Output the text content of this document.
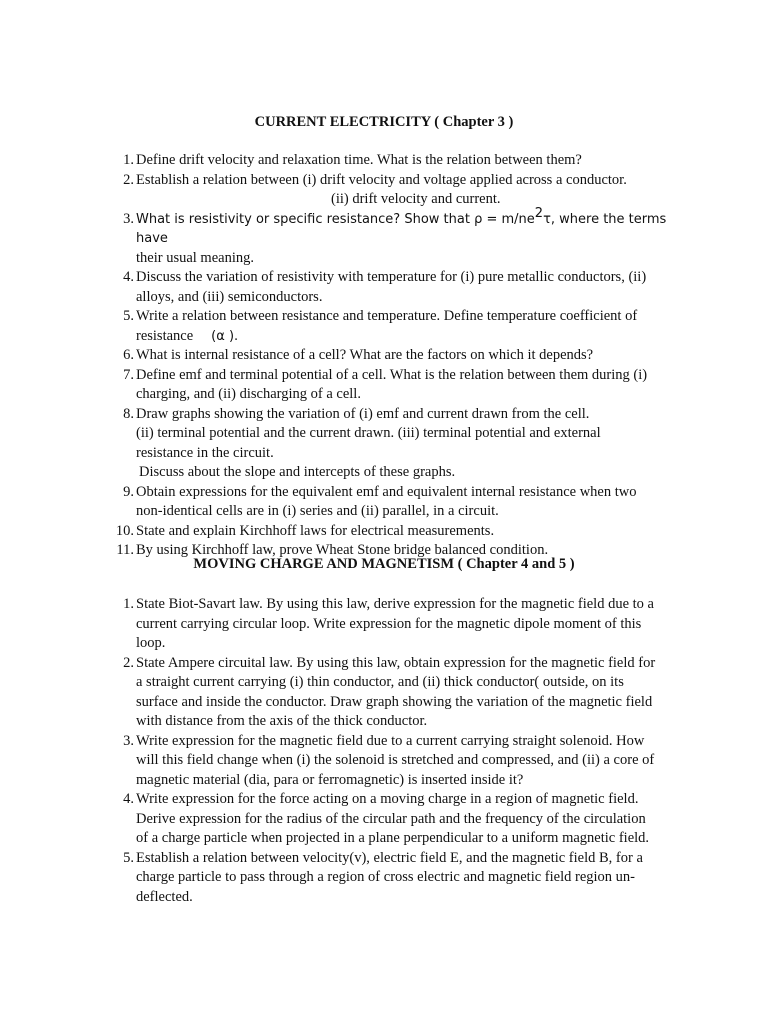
CURRENT ELECTRICITY ( Chapter 3 )
1. Define drift velocity and relaxation time. What is the relation between them?
2. Establish a relation between (i) drift velocity and voltage applied across a conductor.
(ii) drift velocity and current.
3. What is resistivity or specific resistance? Show that $\rho = m/ne^2\tau$, where the terms have
their usual meaning.
4. Discuss the variation of resistivity with temperature for (i) pure metallic conductors, (ii)
alloys, and (iii) semiconductors.
5. Write a relation between resistance and temperature. Define temperature coefficient of
resistance (α ).
6. What is internal resistance of a cell? What are the factors on which it depends?
7. Define emf and terminal potential of a cell. What is the relation between them during (i)
charging, and (ii) discharging of a cell.
8. Draw graphs showing the variation of (i) emf and current drawn from the cell.
(ii) terminal potential and the current drawn. (iii) terminal potential and external
resistance in the circuit.
Discuss about the slope and intercepts of these graphs.
9. Obtain expressions for the equivalent emf and equivalent internal resistance when two
non-identical cells are in (i) series and (ii) parallel, in a circuit.
10. State and explain Kirchhoff laws for electrical measurements.
11. By using Kirchhoff law, prove Wheat Stone bridge balanced condition.
MOVING CHARGE AND MAGNETISM ( Chapter 4 and 5 )
1. State Biot-Savart law. By using this law, derive expression for the magnetic field due to a
current carrying circular loop. Write expression for the magnetic dipole moment of this
loop.
2. State Ampere circuital law. By using this law, obtain expression for the magnetic field for
a straight current carrying (i) thin conductor, and (ii) thick conductor( outside, on its
surface and inside the conductor. Draw graph showing the variation of the magnetic field
with distance from the axis of the thick conductor.
3. Write expression for the magnetic field due to a current carrying straight solenoid. How
will this field change when (i) the solenoid is stretched and compressed, and (ii) a core of
magnetic material (dia, para or ferromagnetic) is inserted inside it?
4. Write expression for the force acting on a moving charge in a region of magnetic field.
Derive expression for the radius of the circular path and the frequency of the circulation
of a charge particle when projected in a plane perpendicular to a uniform magnetic field.
5. Establish a relation between velocity(v), electric field E, and the magnetic field B, for a
charge particle to pass through a region of cross electric and magnetic field region un-
deflected.
